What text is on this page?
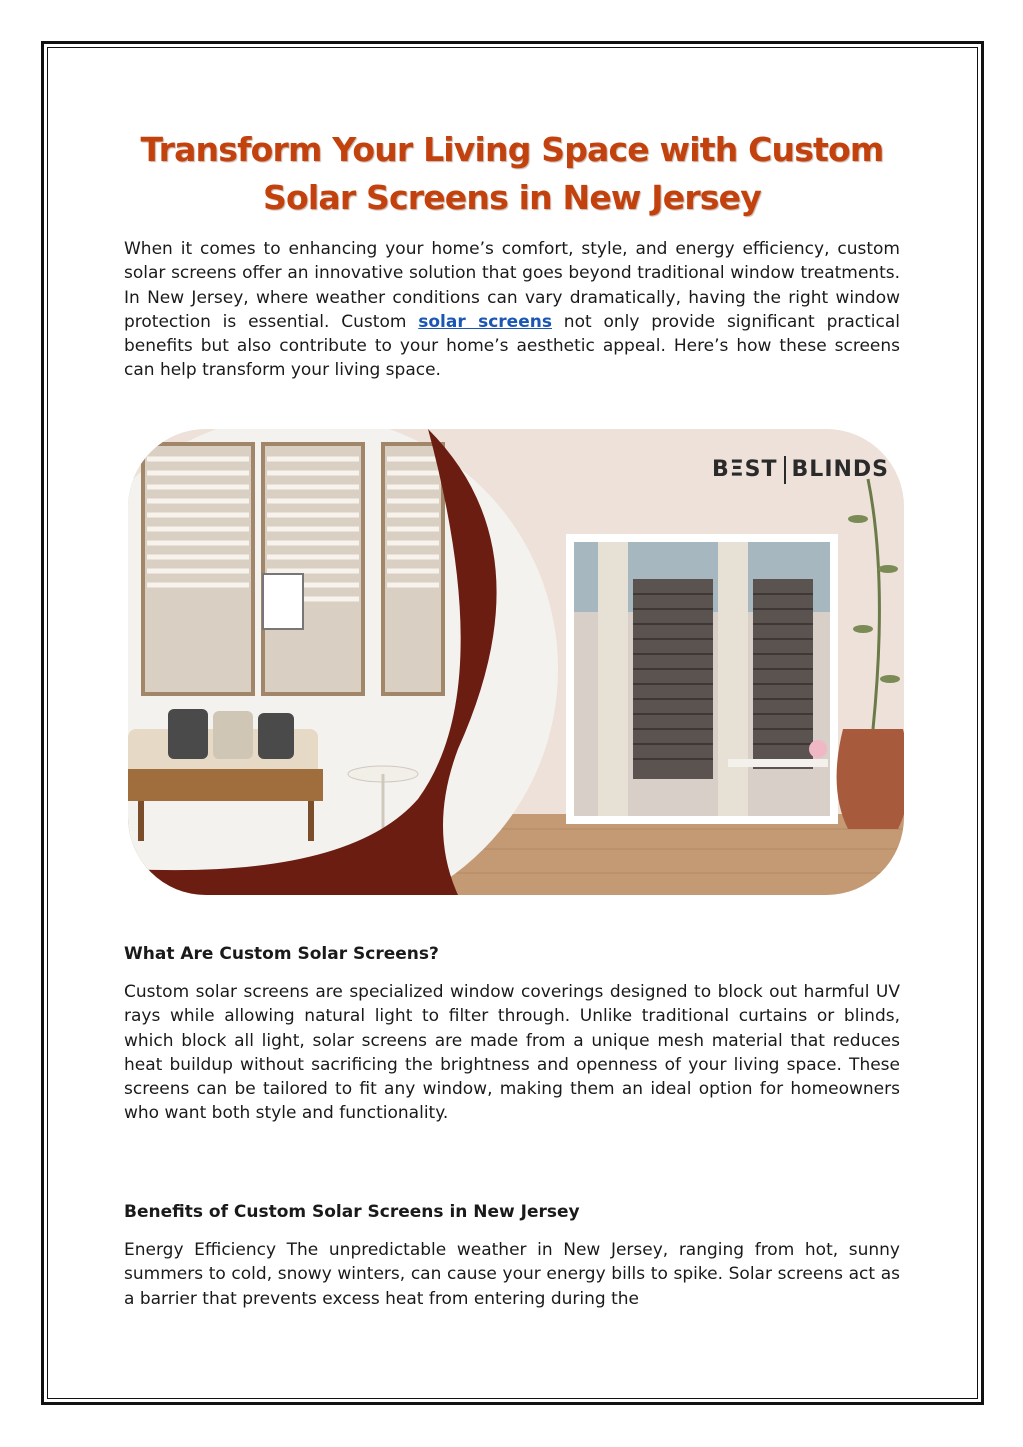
Transform Your Living Space with Custom
Solar Screens in New Jersey

When it comes to enhancing your home’s comfort, style, and energy efficiency, custom solar screens offer an innovative solution that goes beyond traditional window treatments. In New Jersey, where weather conditions can vary dramatically, having the right window protection is essential. Custom solar screens not only provide significant practical benefits but also contribute to your home’s aesthetic appeal. Here’s how these screens can help transform your living space.

BΞST BLINDS
What Are Custom Solar Screens?

Custom solar screens are specialized window coverings designed to block out harmful UV rays while allowing natural light to filter through. Unlike traditional curtains or blinds, which block all light, solar screens are made from a unique mesh material that reduces heat buildup without sacrificing the brightness and openness of your living space. These screens can be tailored to fit any window, making them an ideal option for homeowners who want both style and functionality.

Benefits of Custom Solar Screens in New Jersey

Energy Efficiency The unpredictable weather in New Jersey, ranging from hot, sunny summers to cold, snowy winters, can cause your energy bills to spike. Solar screens act as a barrier that prevents excess heat from entering during the
